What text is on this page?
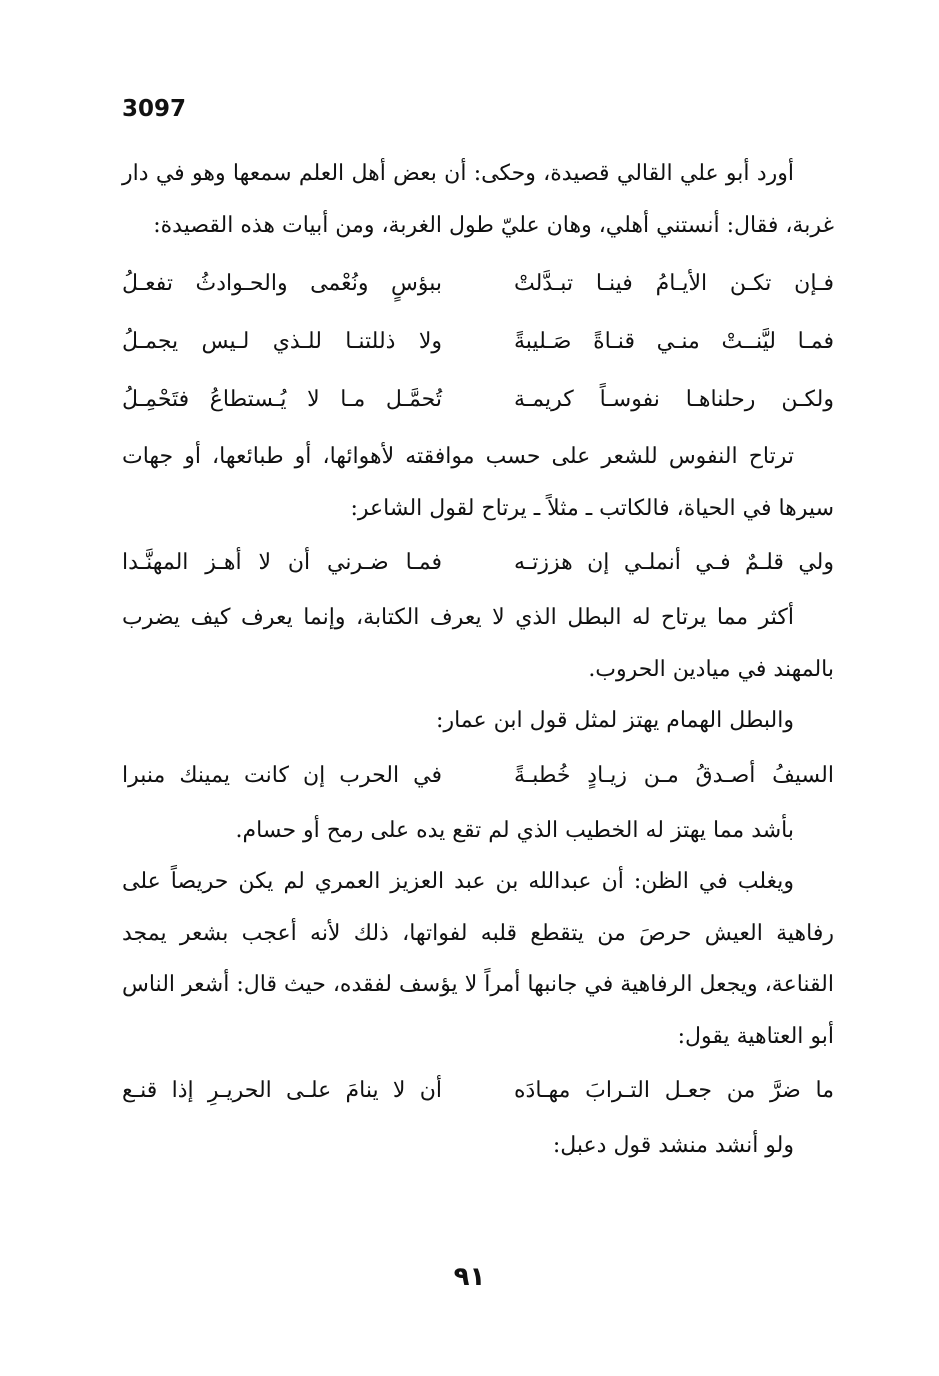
3097

أورد أبو علي القالي قصيدة، وحكى: أن بعض أهل العلم سمعها وهو في دار غربة، فقال: أنستني أهلي، وهان عليّ طول الغربة، ومن أبيات هذه القصيدة:

فـإن تكـن الأيـامُ فينـا تبـدَّلتْ
ببؤسٍ ونُعْمى والحـوادثُ تفعـلُ
فمـا ليَّنــتْ منـي قنـاةً صَـليبةً
ولا ذللتنـا للـذي لـيس يجمـلُ
ولكـن رحلناهـا نفوسـاً كريمـة
تُحمَّـل مـا لا يُـستطاعُ فتَحْمِـلُ

ترتاح النفوس للشعر على حسب موافقته لأهوائها، أو طبائعها، أو جهات سيرها في الحياة، فالكاتب ـ مثلاً ـ يرتاح لقول الشاعر:

ولي قلـمٌ فـي أنملـي إن هززتـه
فمـا ضـرني أن لا أهـز المهنَّـدا

أكثر مما يرتاح له البطل الذي لا يعرف الكتابة، وإنما يعرف كيف يضرب بالمهند في ميادين الحروب.

والبطل الهمام يهتز لمثل قول ابن عمار:

السيفُ أصـدقُ مـن زيـادٍ خُطبـةً
في الحرب إن كانت يمينك منبرا

بأشد مما يهتز له الخطيب الذي لم تقع يده على رمح أو حسام.

ويغلب في الظن: أن عبدالله بن عبد العزيز العمري لم يكن حريصاً على رفاهية العيش حرصَ من يتقطع قلبه لفواتها، ذلك لأنه أعجب بشعر يمجد القناعة، ويجعل الرفاهية في جانبها أمراً لا يؤسف لفقده، حيث قال: أشعر الناس أبو العتاهية يقول:

ما ضرَّ من جعـل التـرابَ مهـادَه
أن لا ينامَ علـى الحريـرِ إذا قنـع

ولو أنشد منشد قول دعبل:

٩١
